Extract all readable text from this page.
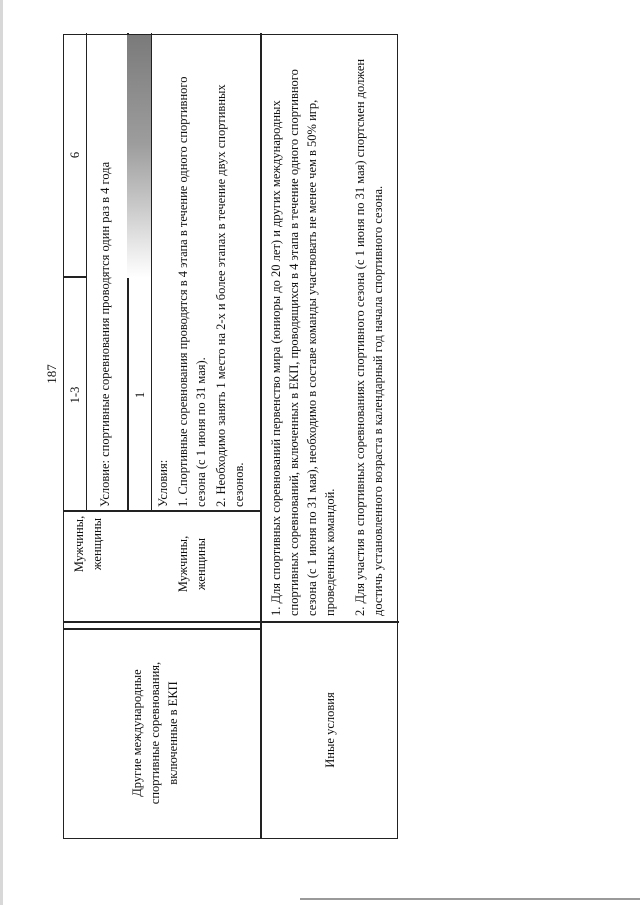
187
Другие международные спортивные соревнования, включенные в ЕКП
Мужчины, женщины
1-3
6
Условие: спортивные соревнования проводятся один раз в 4 года
Мужчины, женщины
1

Условия: 1. Спортивные соревнования проводятся в 4 этапа в течение одного спортивного сезона (с 1 июня по 31 мая). 2. Необходимо занять 1 место на 2-х и более этапах в течение двух спортивных сезонов.

Иные условия

1. Для спортивных соревнований первенство мира (юниоры до 20 лет) и других международных спортивных соревнований, включенных в ЕКП, проводящихся в 4 этапа в течение одного спортивного сезона (с 1 июня по 31 мая), необходимо в составе команды участвовать не менее чем в 50% игр, проведенных командой. 2. Для участия в спортивных соревнованиях спортивного сезона (с 1 июня по 31 мая) спортсмен должен достичь установленного возраста в календарный год начала спортивного сезона.
